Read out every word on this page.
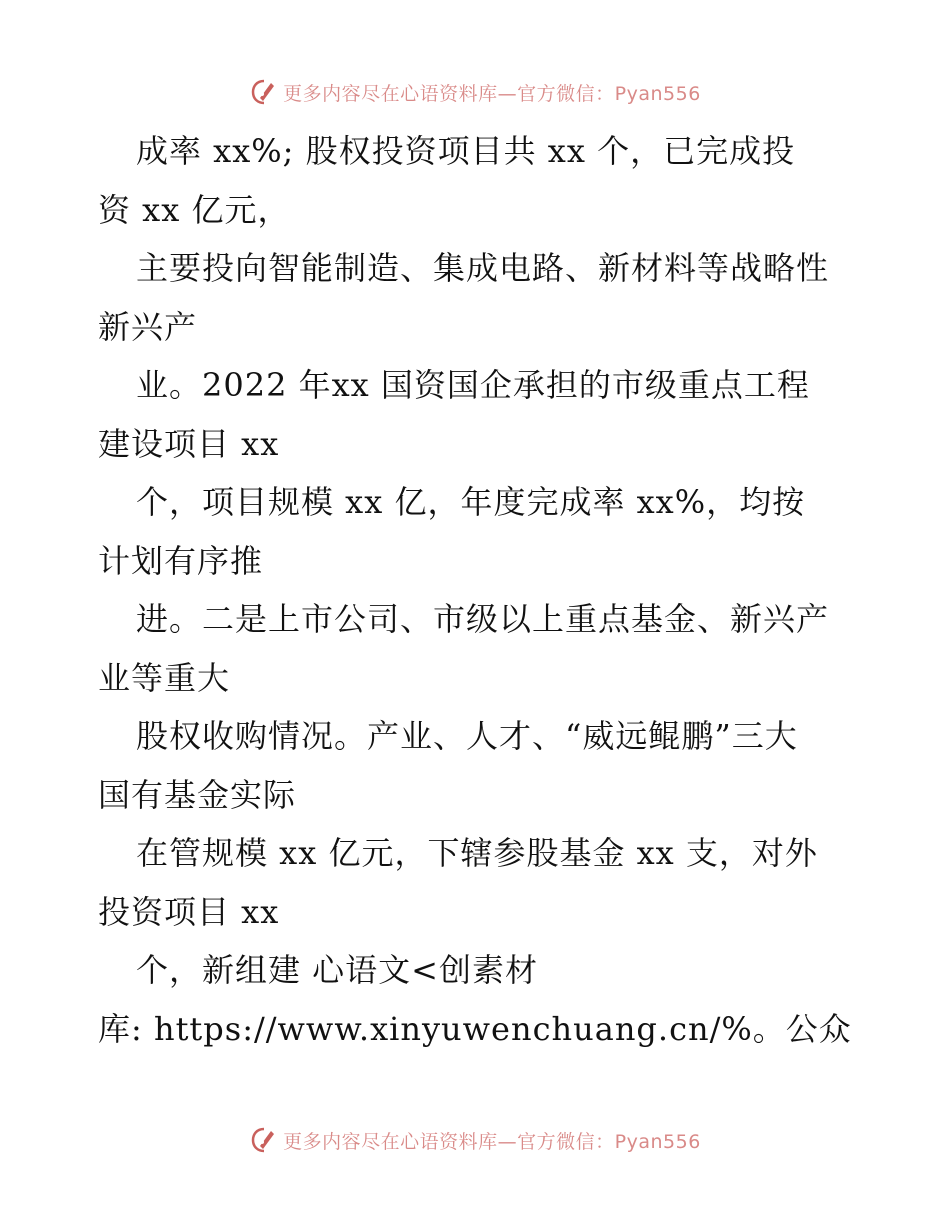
更多内容尽在心语资料库—官方微信：Pyan556
成率 xx%; 股权投资项目共 xx 个，已完成投
资 xx 亿元，
主要投向智能制造、集成电路、新材料等战略性
新兴产
业。2022 年xx 国资国企承担的市级重点工程
建设项目 xx
个，项目规模 xx 亿，年度完成率 xx%，均按
计划有序推
进。二是上市公司、市级以上重点基金、新兴产
业等重大
股权收购情况。产业、人才、“威远鲲鹏”三大
国有基金实际
在管规模 xx 亿元，下辖参股基金 xx 支，对外
投资项目 xx
个，新组建 心语文<创素材
库: https://www.xinyuwenchuang.cn/%。公众
更多内容尽在心语资料库—官方微信：Pyan556
